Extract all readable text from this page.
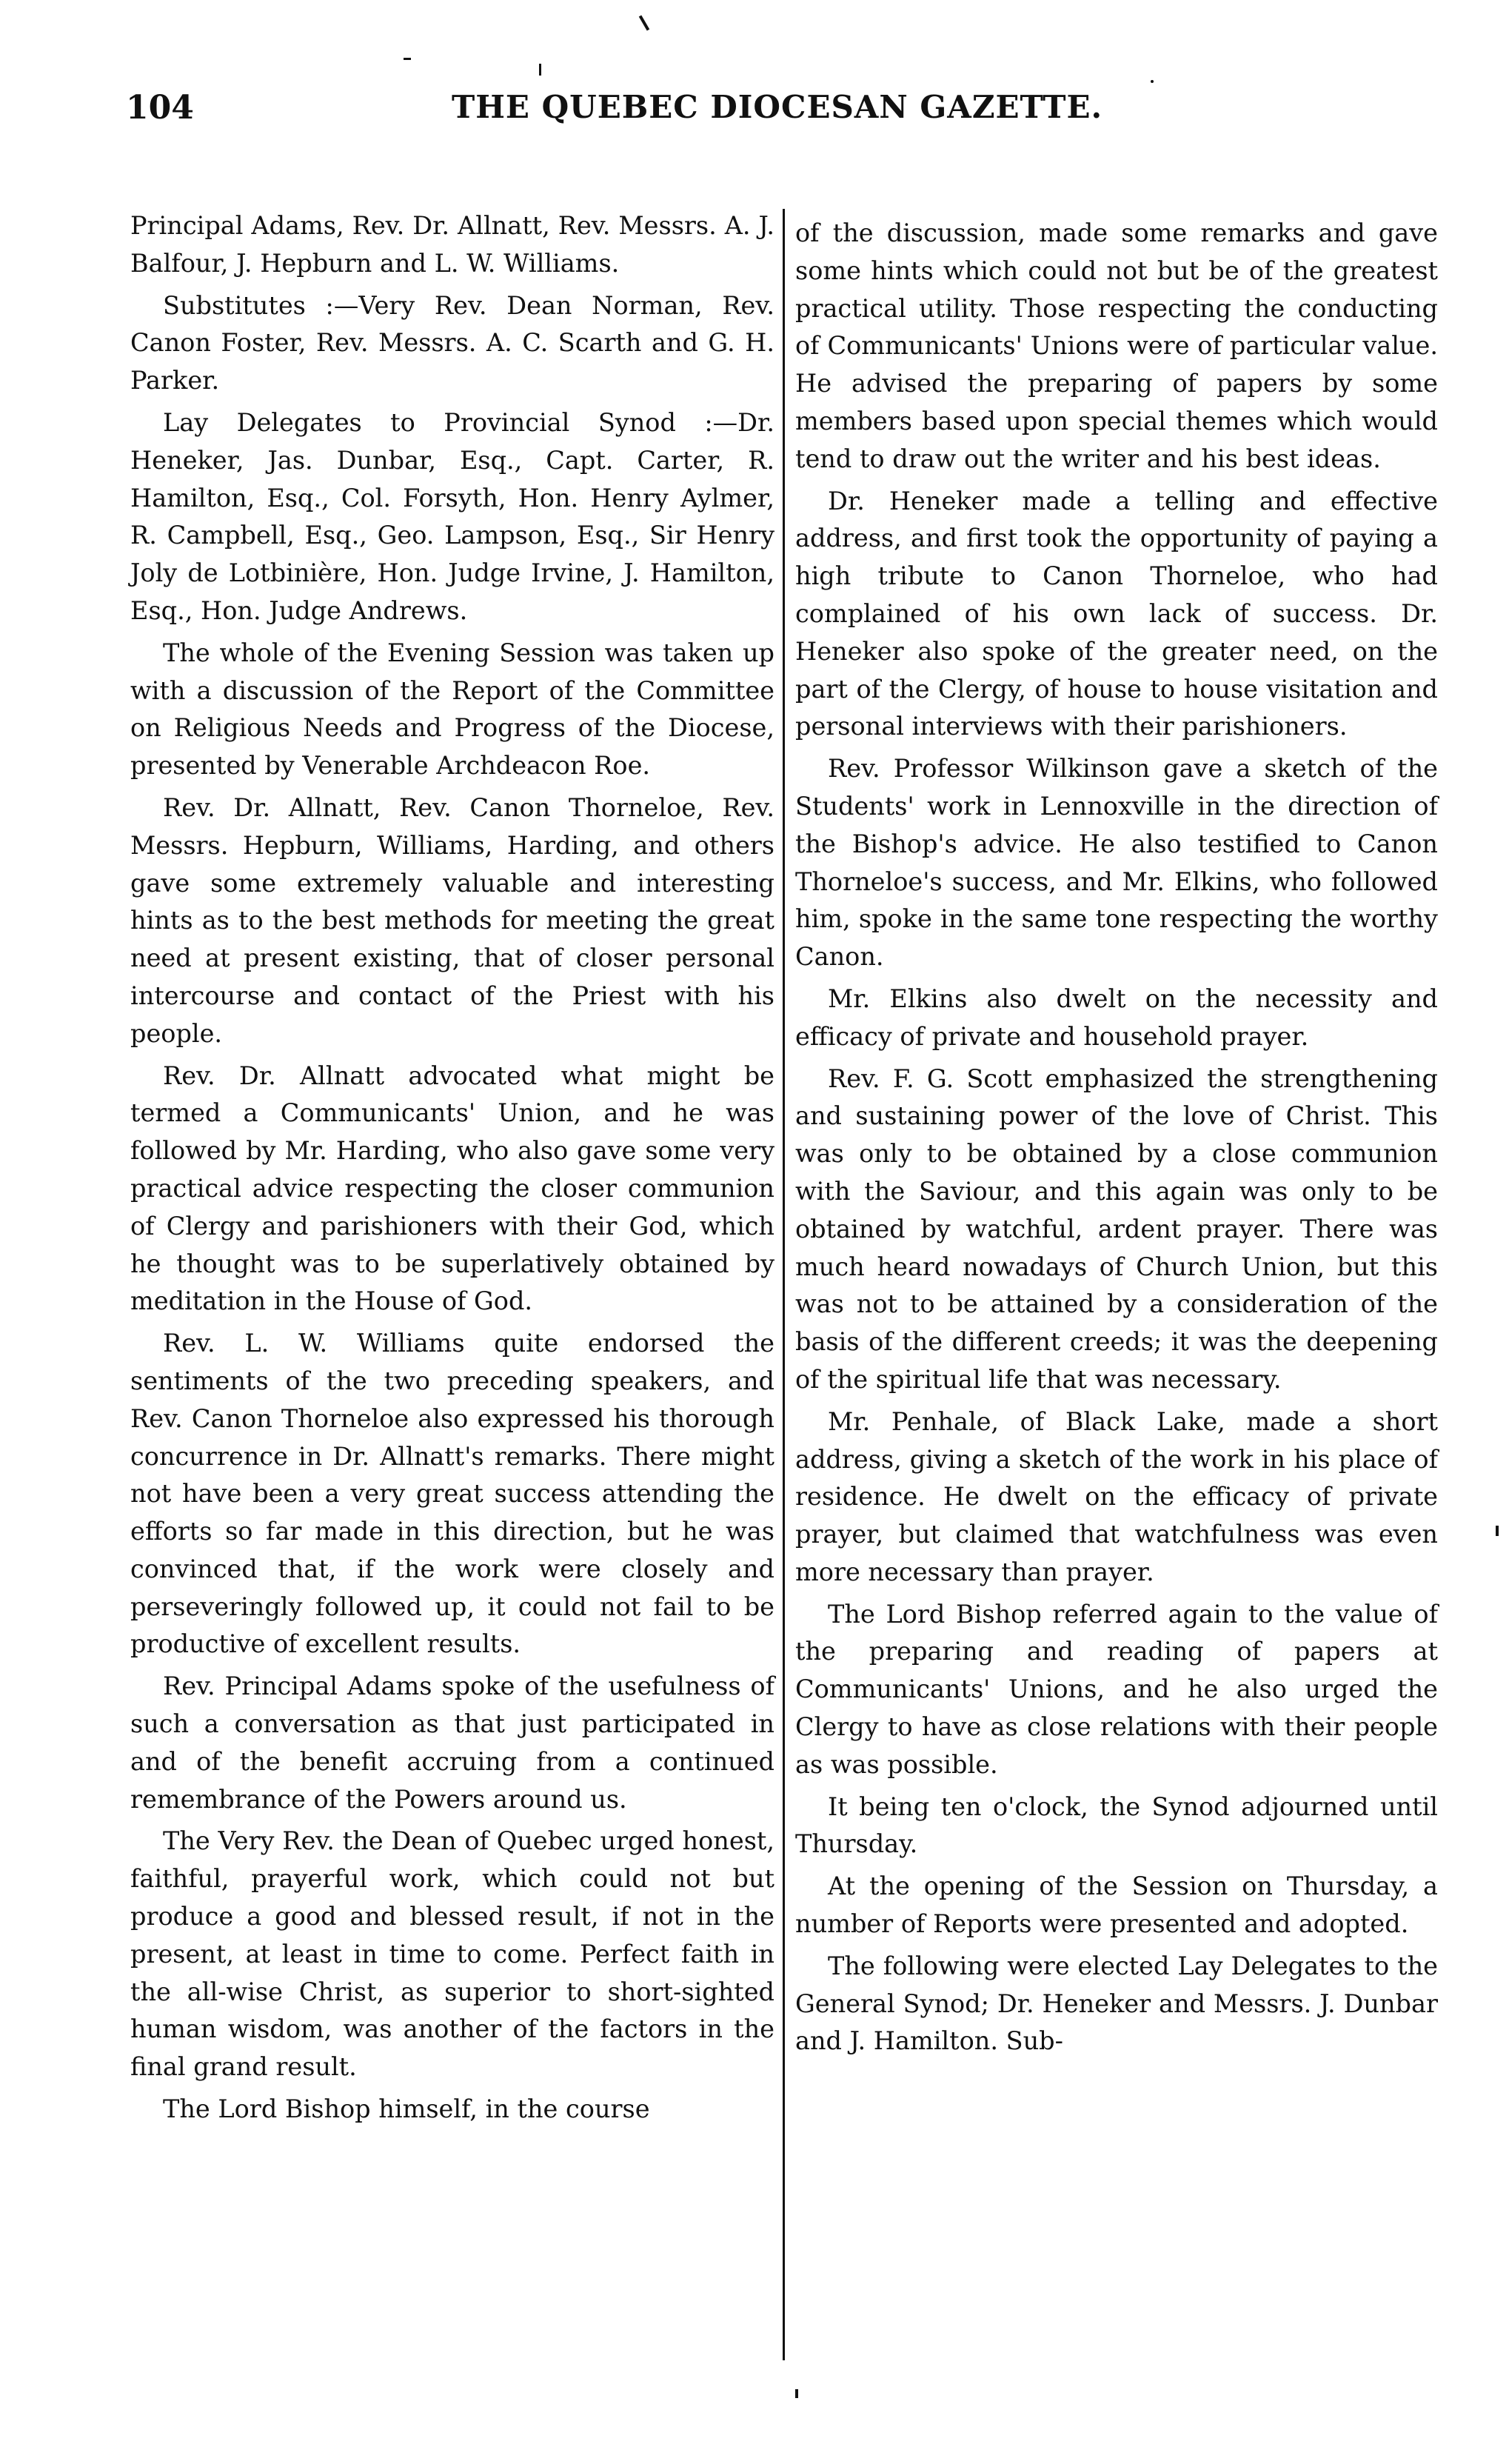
104	THE QUEBEC DIOCESAN GAZETTE.

Principal Adams, Rev. Dr. Allnatt, Rev. Messrs. A. J. Balfour, J. Hepburn and L. W. Williams.

Substitutes :—Very Rev. Dean Norman, Rev. Canon Foster, Rev. Messrs. A. C. Scarth and G. H. Parker.

Lay Delegates to Provincial Synod :—Dr. Heneker, Jas. Dunbar, Esq., Capt. Carter, R. Hamilton, Esq., Col. Forsyth, Hon. Henry Aylmer, R. Campbell, Esq., Geo. Lampson, Esq., Sir Henry Joly de Lotbinière, Hon. Judge Irvine, J. Hamilton, Esq., Hon. Judge Andrews.

The whole of the Evening Session was taken up with a discussion of the Report of the Committee on Religious Needs and Progress of the Diocese, presented by Venerable Archdeacon Roe.

Rev. Dr. Allnatt, Rev. Canon Thorneloe, Rev. Messrs. Hepburn, Williams, Harding, and others gave some extremely valuable and interesting hints as to the best methods for meeting the great need at present existing, that of closer personal intercourse and contact of the Priest with his people.

Rev. Dr. Allnatt advocated what might be termed a Communicants' Union, and he was followed by Mr. Harding, who also gave some very practical advice respecting the closer communion of Clergy and parishioners with their God, which he thought was to be superlatively obtained by meditation in the House of God.

Rev. L. W. Williams quite endorsed the sentiments of the two preceding speakers, and Rev. Canon Thorneloe also expressed his thorough concurrence in Dr. Allnatt's remarks. There might not have been a very great success attending the efforts so far made in this direction, but he was convinced that, if the work were closely and perseveringly followed up, it could not fail to be productive of excellent results.

Rev. Principal Adams spoke of the usefulness of such a conversation as that just participated in and of the benefit accruing from a continued remembrance of the Powers around us.

The Very Rev. the Dean of Quebec urged honest, faithful, prayerful work, which could not but produce a good and blessed result, if not in the present, at least in time to come. Perfect faith in the all-wise Christ, as superior to short-sighted human wisdom, was another of the factors in the final grand result.

The Lord Bishop himself, in the course

of the discussion, made some remarks and gave some hints which could not but be of the greatest practical utility. Those respecting the conducting of Communicants' Unions were of particular value. He advised the preparing of papers by some members based upon special themes which would tend to draw out the writer and his best ideas.

Dr. Heneker made a telling and effective address, and first took the opportunity of paying a high tribute to Canon Thorneloe, who had complained of his own lack of success. Dr. Heneker also spoke of the greater need, on the part of the Clergy, of house to house visitation and personal interviews with their parishioners.

Rev. Professor Wilkinson gave a sketch of the Students' work in Lennoxville in the direction of the Bishop's advice. He also testified to Canon Thorneloe's success, and Mr. Elkins, who followed him, spoke in the same tone respecting the worthy Canon.

Mr. Elkins also dwelt on the necessity and efficacy of private and household prayer.

Rev. F. G. Scott emphasized the strengthening and sustaining power of the love of Christ. This was only to be obtained by a close communion with the Saviour, and this again was only to be obtained by watchful, ardent prayer. There was much heard nowadays of Church Union, but this was not to be attained by a consideration of the basis of the different creeds; it was the deepening of the spiritual life that was necessary.

Mr. Penhale, of Black Lake, made a short address, giving a sketch of the work in his place of residence. He dwelt on the efficacy of private prayer, but claimed that watchfulness was even more necessary than prayer.

The Lord Bishop referred again to the value of the preparing and reading of papers at Communicants' Unions, and he also urged the Clergy to have as close relations with their people as was possible.

It being ten o'clock, the Synod adjourned until Thursday.

At the opening of the Session on Thursday, a number of Reports were presented and adopted.

The following were elected Lay Delegates to the General Synod; Dr. Heneker and Messrs. J. Dunbar and J. Hamilton. Sub-
